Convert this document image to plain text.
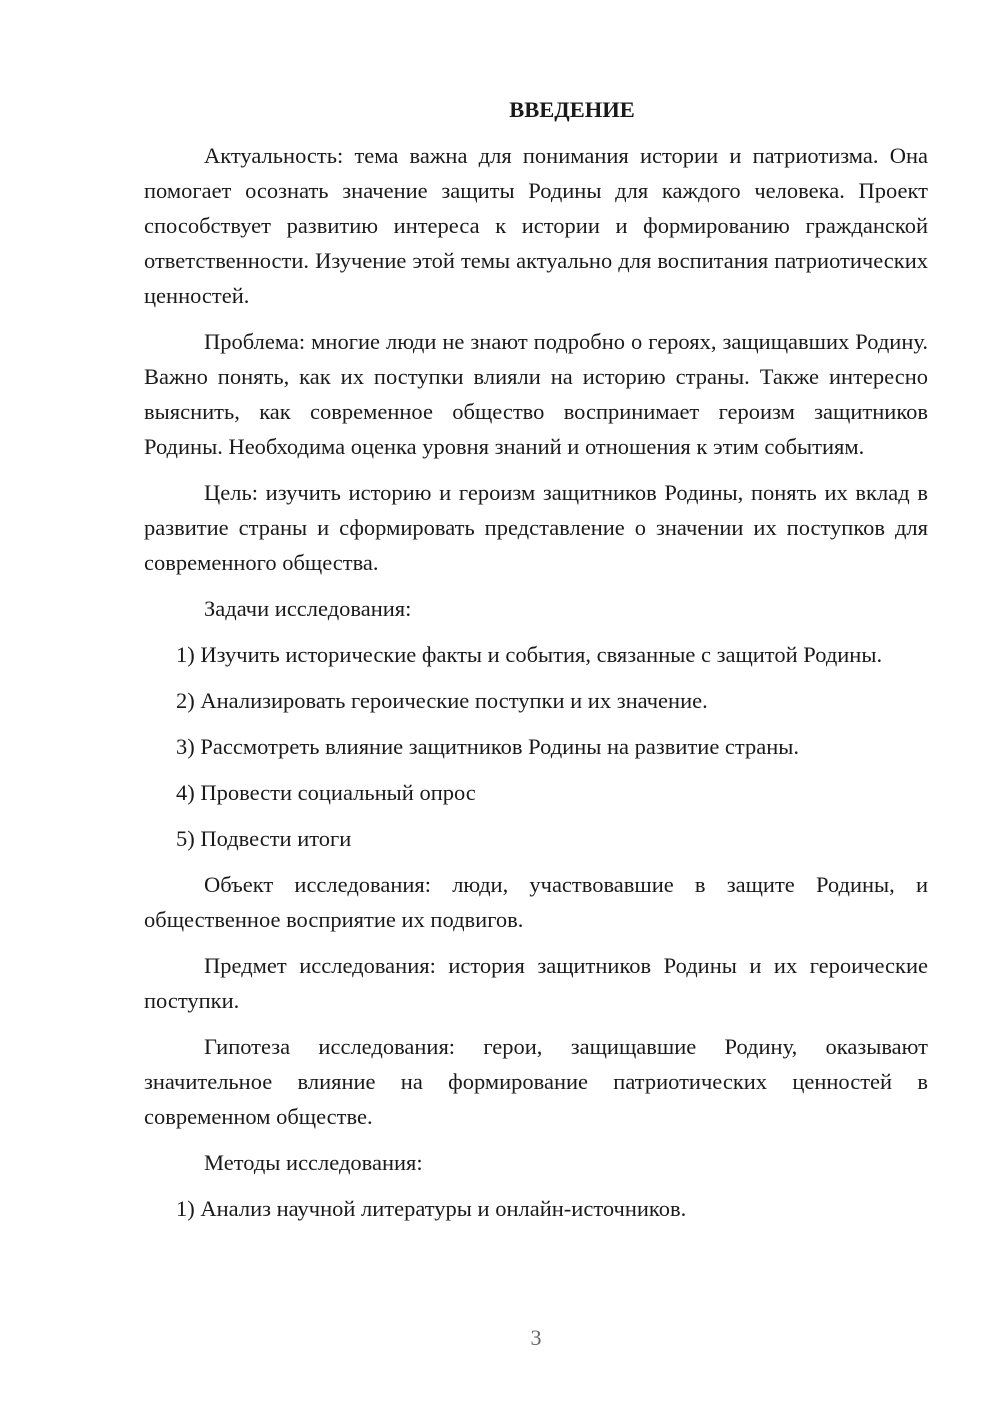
ВВЕДЕНИЕ

Актуальность: тема важна для понимания истории и патриотизма. Она помогает осознать значение защиты Родины для каждого человека. Проект способствует развитию интереса к истории и формированию гражданской ответственности. Изучение этой темы актуально для воспитания патриотических ценностей.

Проблема: многие люди не знают подробно о героях, защищавших Родину. Важно понять, как их поступки влияли на историю страны. Также интересно выяснить, как современное общество воспринимает героизм защитников Родины. Необходима оценка уровня знаний и отношения к этим событиям.

Цель: изучить историю и героизм защитников Родины, понять их вклад в развитие страны и сформировать представление о значении их поступков для современного общества.

Задачи исследования:

1) Изучить исторические факты и события, связанные с защитой Родины.

2) Анализировать героические поступки и их значение.

3) Рассмотреть влияние защитников Родины на развитие страны.

4) Провести социальный опрос

5) Подвести итоги

Объект исследования: люди, участвовавшие в защите Родины, и общественное восприятие их подвигов.

Предмет исследования: история защитников Родины и их героические поступки.

Гипотеза исследования: герои, защищавшие Родину, оказывают значительное влияние на формирование патриотических ценностей в современном обществе.

Методы исследования:

1) Анализ научной литературы и онлайн-источников.

3
